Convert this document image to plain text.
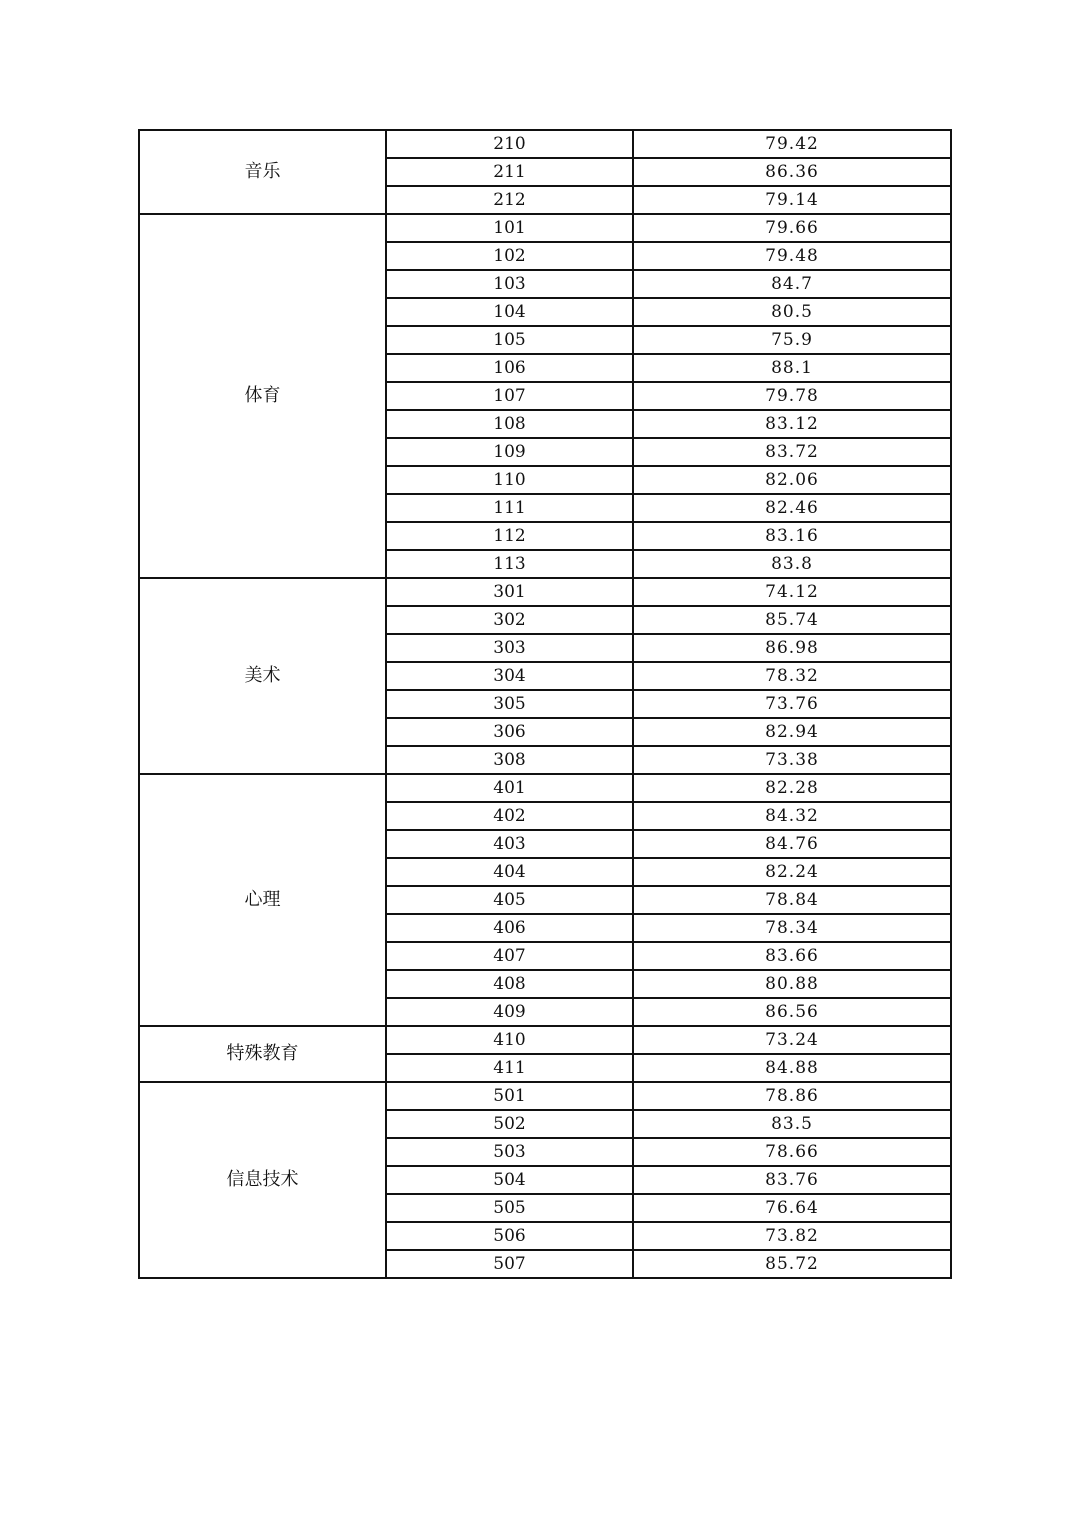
音乐	210	79.42
	211	86.36
	212	79.14
体育	101	79.66
	102	79.48
	103	84.7
	104	80.5
	105	75.9
	106	88.1
	107	79.78
	108	83.12
	109	83.72
	110	82.06
	111	82.46
	112	83.16
	113	83.8
美术	301	74.12
	302	85.74
	303	86.98
	304	78.32
	305	73.76
	306	82.94
	308	73.38
心理	401	82.28
	402	84.32
	403	84.76
	404	82.24
	405	78.84
	406	78.34
	407	83.66
	408	80.88
	409	86.56
特殊教育	410	73.24
	411	84.88
信息技术	501	78.86
	502	83.5
	503	78.66
	504	83.76
	505	76.64
	506	73.82
	507	85.72
